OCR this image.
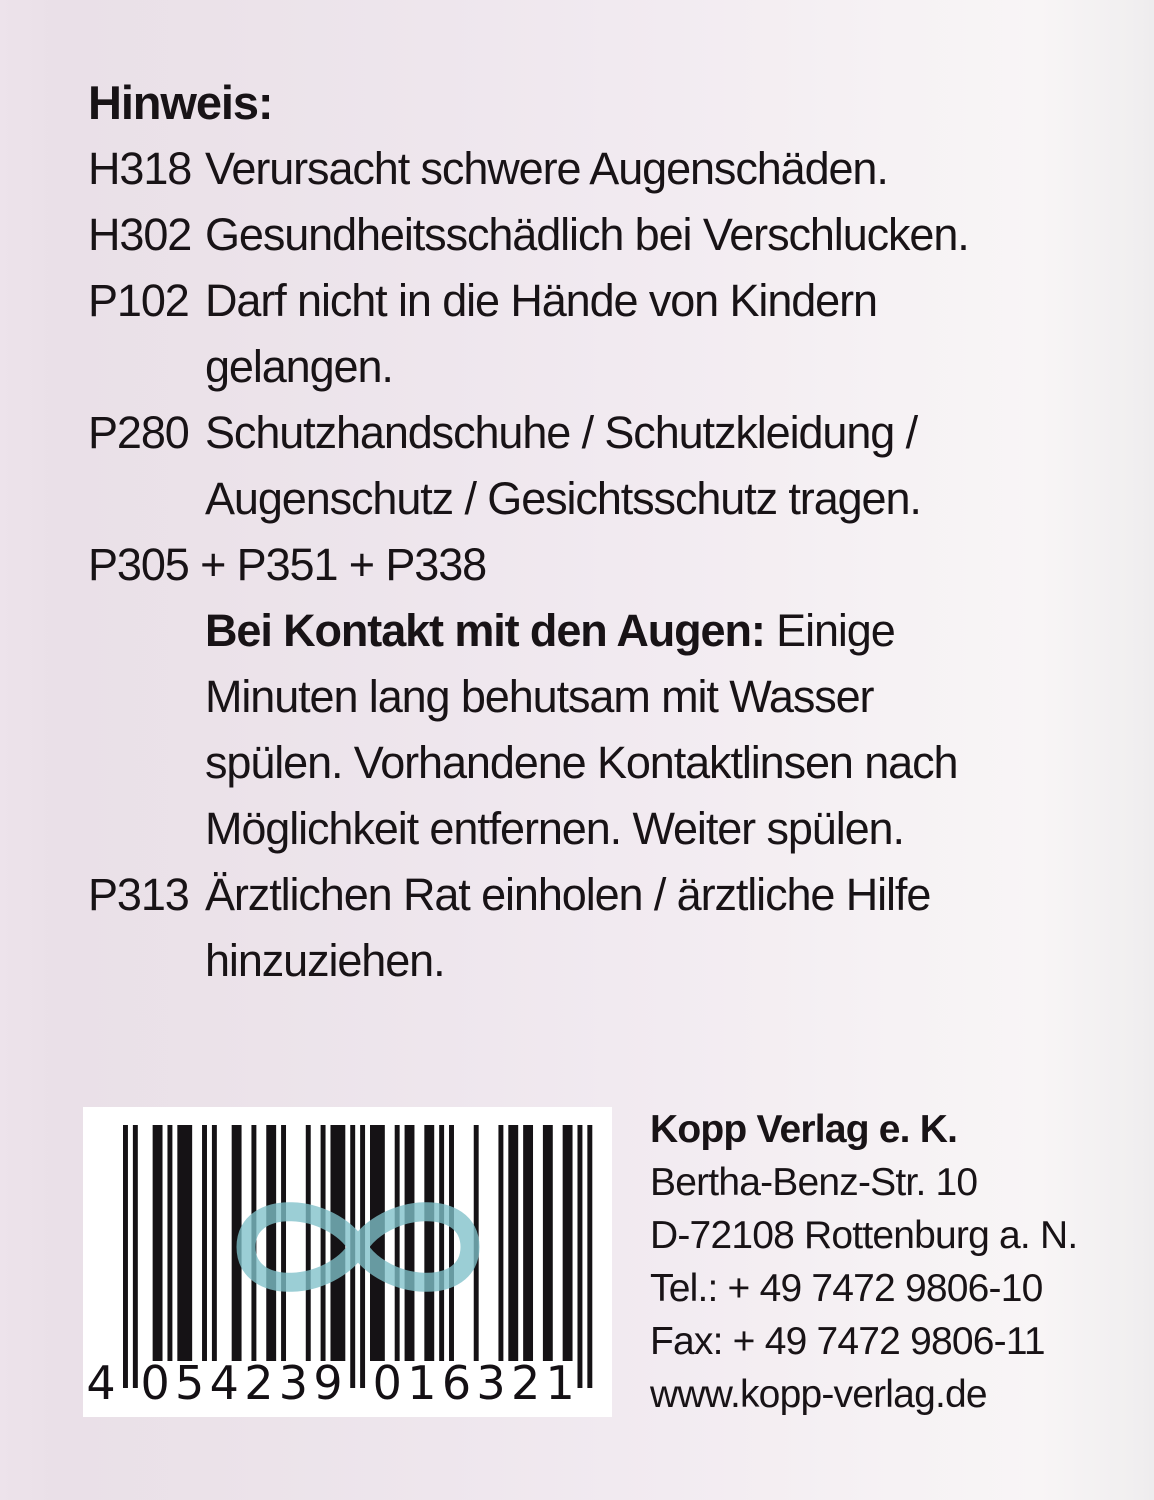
Hinweis:
H318 Verursacht schwere Augenschäden.
H302 Gesundheitsschädlich bei Verschlucken.
P102 Darf nicht in die Hände von Kindern
gelangen.
P280 Schutzhandschuhe / Schutzkleidung /
Augenschutz / Gesichtsschutz tragen.
P305 + P351 + P338
Bei Kontakt mit den Augen: Einige
Minuten lang behutsam mit Wasser
spülen. Vorhandene Kontaktlinsen nach
Möglichkeit entfernen. Weiter spülen.
P313 Ärztlichen Rat einholen / ärztliche Hilfe
hinzuziehen.
4 0 5 4 2 3 9 0 1 6 3 2 1
Kopp Verlag e. K.
Bertha-Benz-Str. 10
D-72108 Rottenburg a. N.
Tel.: + 49 7472 9806-10
Fax: + 49 7472 9806-11
www.kopp-verlag.de
